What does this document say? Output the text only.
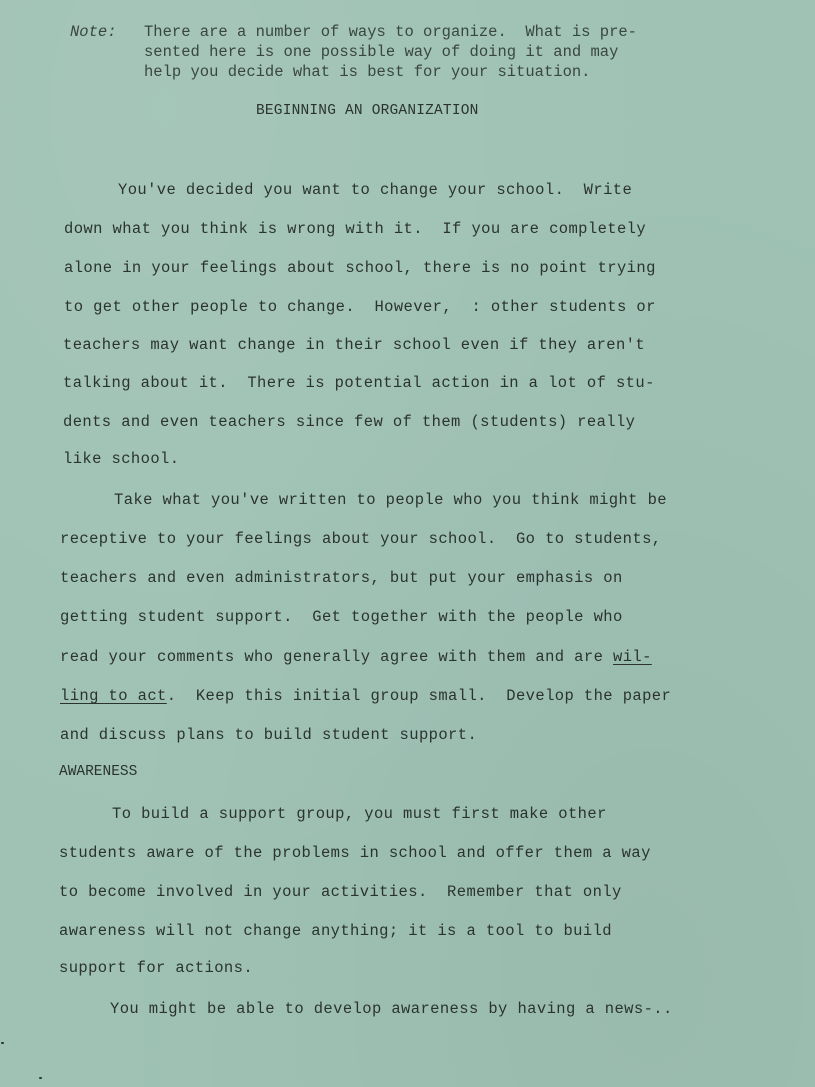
Note: There are a number of ways to organize.  What is pre-
sented here is one possible way of doing it and may
help you decide what is best for your situation.
BEGINNING AN ORGANIZATION
You've decided you want to change your school.  Write
down what you think is wrong with it.  If you are completely
alone in your feelings about school, there is no point trying
to get other people to change.  However,  : other students or
teachers may want change in their school even if they aren't
talking about it.  There is potential action in a lot of stu-
dents and even teachers since few of them (students) really
like school.
Take what you've written to people who you think might be
receptive to your feelings about your school.  Go to students,
teachers and even administrators, but put your emphasis on
getting student support.  Get together with the people who
read your comments who generally agree with them and are wil-
ling to act.  Keep this initial group small.  Develop the paper
and discuss plans to build student support.
AWARENESS
To build a support group, you must first make other
students aware of the problems in school and offer them a way
to become involved in your activities.  Remember that only
awareness will not change anything; it is a tool to build
support for actions.
You might be able to develop awareness by having a news-..
